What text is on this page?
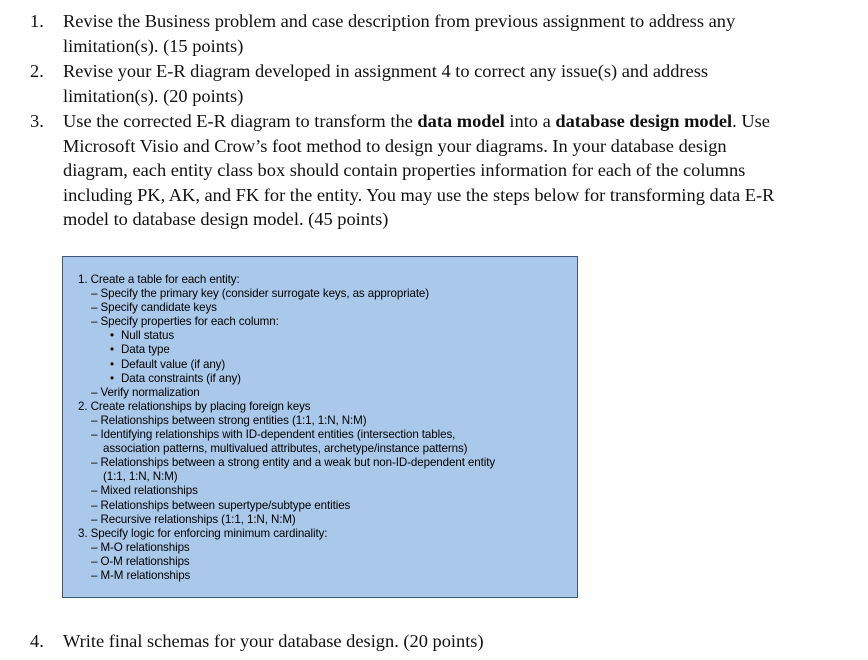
1.	Revise the Business problem and case description from previous assignment to address any limitation(s). (15 points)
2.	Revise your E-R diagram developed in assignment 4 to correct any issue(s) and address limitation(s). (20 points)
3.	Use the corrected E-R diagram to transform the data model into a database design model. Use Microsoft Visio and Crow’s foot method to design your diagrams. In your database design diagram, each entity class box should contain properties information for each of the columns including PK, AK, and FK for the entity. You may use the steps below for transforming data E-R model to database design model. (45 points)
1. Create a table for each entity:
– Specify the primary key (consider surrogate keys, as appropriate)
– Specify candidate keys
– Specify properties for each column:
• Null status
• Data type
• Default value (if any)
• Data constraints (if any)
– Verify normalization
2. Create relationships by placing foreign keys
– Relationships between strong entities (1:1, 1:N, N:M)
– Identifying relationships with ID-dependent entities (intersection tables,
association patterns, multivalued attributes, archetype/instance patterns)
– Relationships between a strong entity and a weak but non-ID-dependent entity
(1:1, 1:N, N:M)
– Mixed relationships
– Relationships between supertype/subtype entities
– Recursive relationships (1:1, 1:N, N:M)
3. Specify logic for enforcing minimum cardinality:
– M-O relationships
– O-M relationships
– M-M relationships
4.	Write final schemas for your database design. (20 points)
